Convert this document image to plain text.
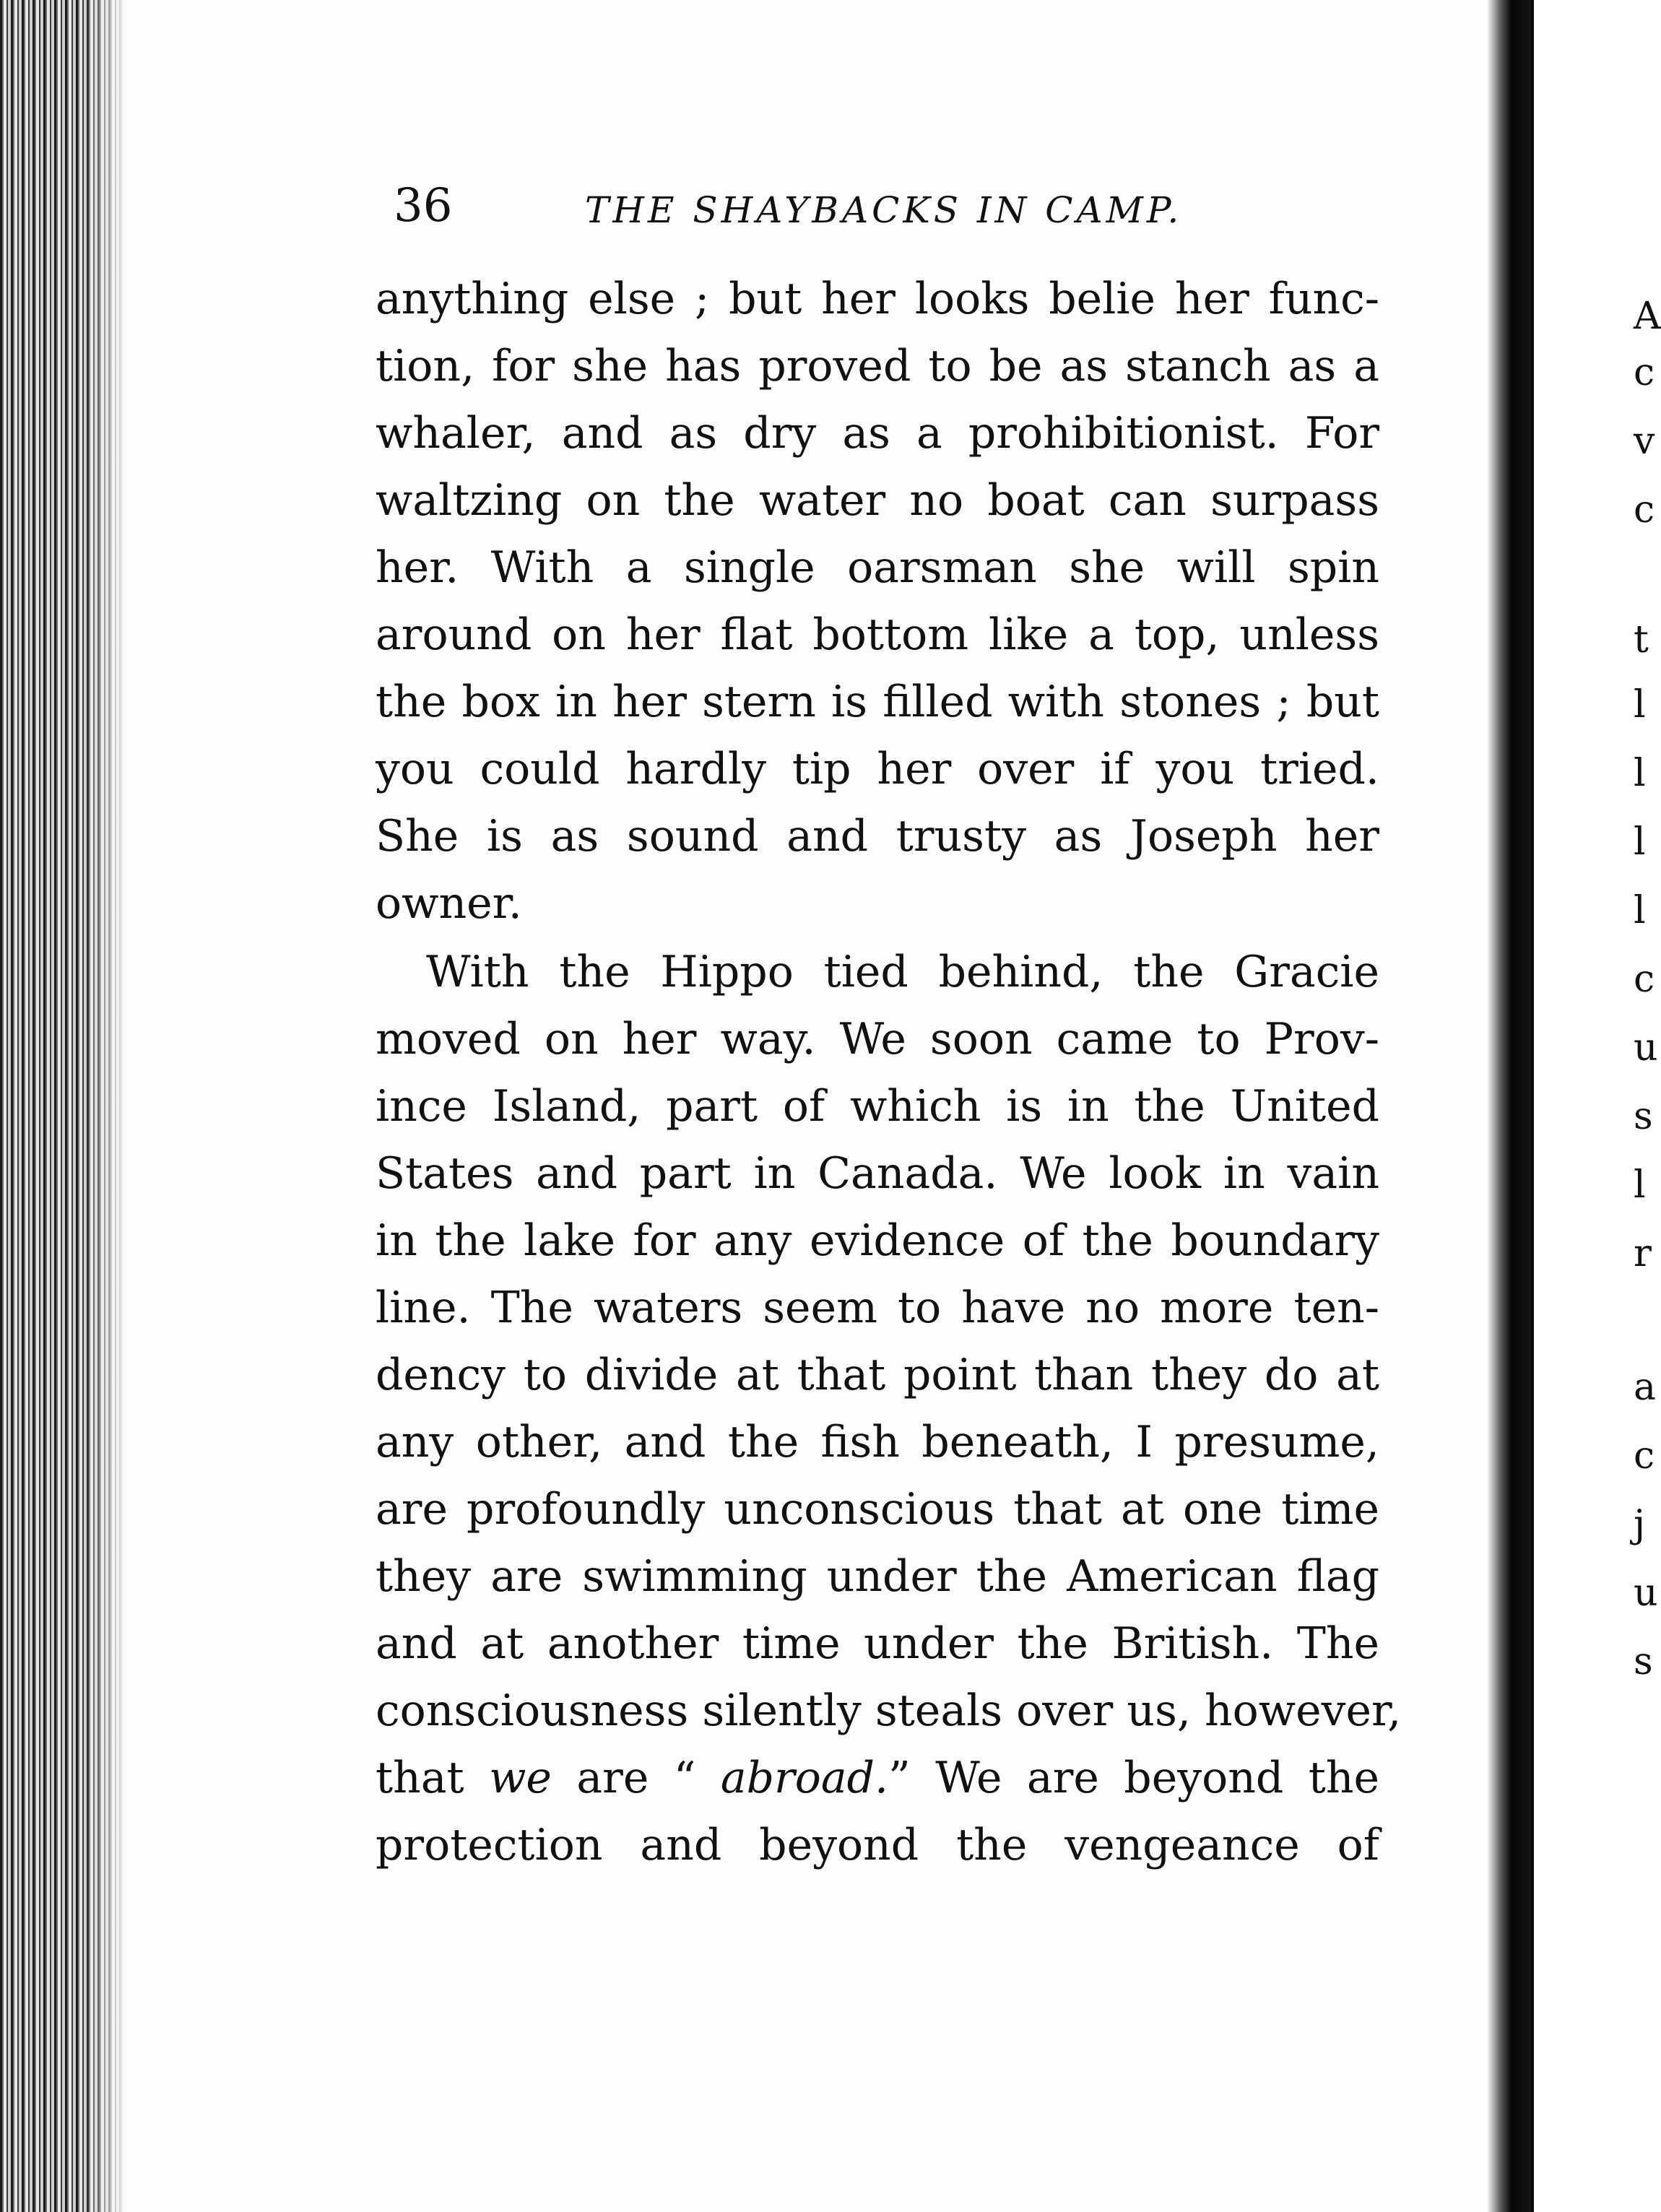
36	THE SHAYBACKS IN CAMP.
anything else ; but her looks belie her func-
tion, for she has proved to be as stanch as a
whaler, and as dry as a prohibitionist. For
waltzing on the water no boat can surpass
her. With a single oarsman she will spin
around on her flat bottom like a top, unless
the box in her stern is filled with stones ; but
you could hardly tip her over if you tried.
She is as sound and trusty as Joseph her
owner.
With the Hippo tied behind, the Gracie
moved on her way. We soon came to Prov-
ince Island, part of which is in the United
States and part in Canada. We look in vain
in the lake for any evidence of the boundary
line. The waters seem to have no more ten-
dency to divide at that point than they do at
any other, and the fish beneath, I presume,
are profoundly unconscious that at one time
they are swimming under the American flag
and at another time under the British. The
consciousness silently steals over us, however,
that we are “ abroad.” We are beyond the
protection and beyond the vengeance of
A
c
v
c
t
l
l
l
l
c
u
s
l
r
a
c
j
u
s
